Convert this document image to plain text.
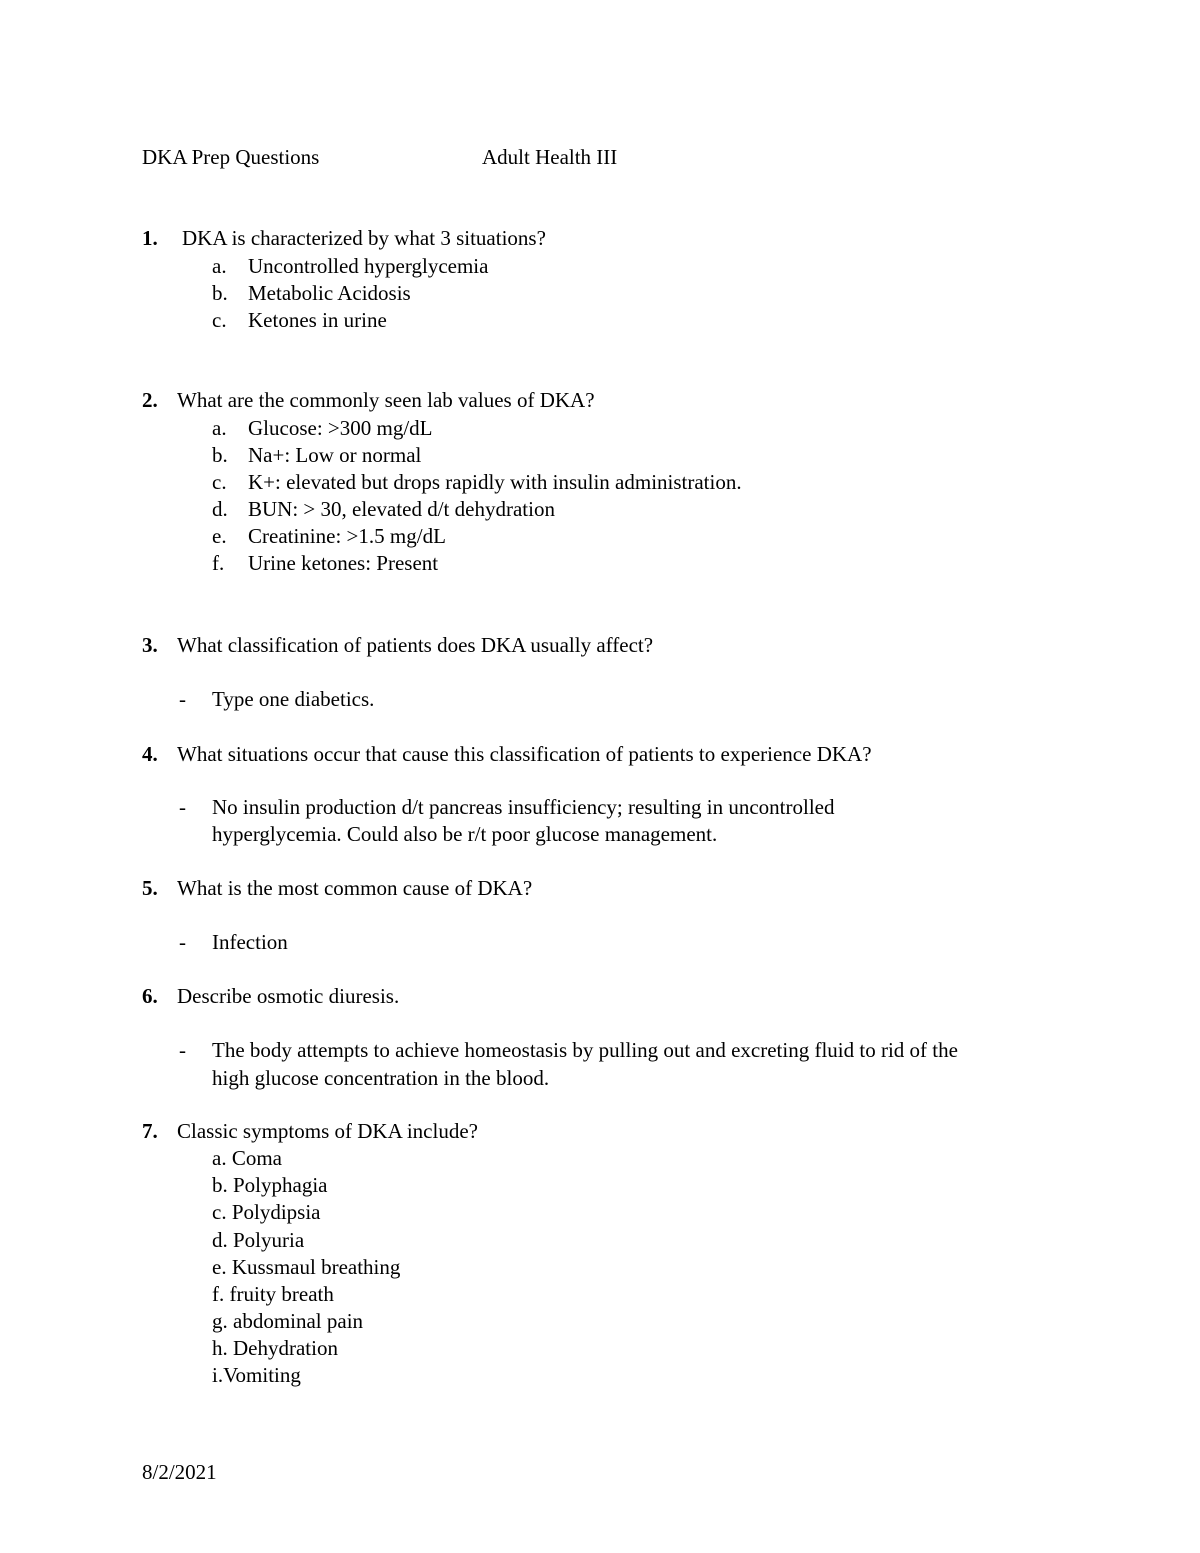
DKA Prep Questions	Adult Health III
1. DKA is characterized by what 3 situations?
a. Uncontrolled hyperglycemia
b. Metabolic Acidosis
c. Ketones in urine
2. What are the commonly seen lab values of DKA?
a. Glucose: >300 mg/dL
b. Na+: Low or normal
c. K+: elevated but drops rapidly with insulin administration.
d. BUN: > 30, elevated d/t dehydration
e. Creatinine: >1.5 mg/dL
f. Urine ketones: Present
3. What classification of patients does DKA usually affect?
- Type one diabetics.
4. What situations occur that cause this classification of patients to experience DKA?
- No insulin production d/t pancreas insufficiency; resulting in uncontrolled
hyperglycemia. Could also be r/t poor glucose management.
5. What is the most common cause of DKA?
- Infection
6. Describe osmotic diuresis.
- The body attempts to achieve homeostasis by pulling out and excreting fluid to rid of the
high glucose concentration in the blood.
7. Classic symptoms of DKA include?
a. Coma
b. Polyphagia
c. Polydipsia
d. Polyuria
e. Kussmaul breathing
f. fruity breath
g. abdominal pain
h. Dehydration
i.Vomiting
8/2/2021
